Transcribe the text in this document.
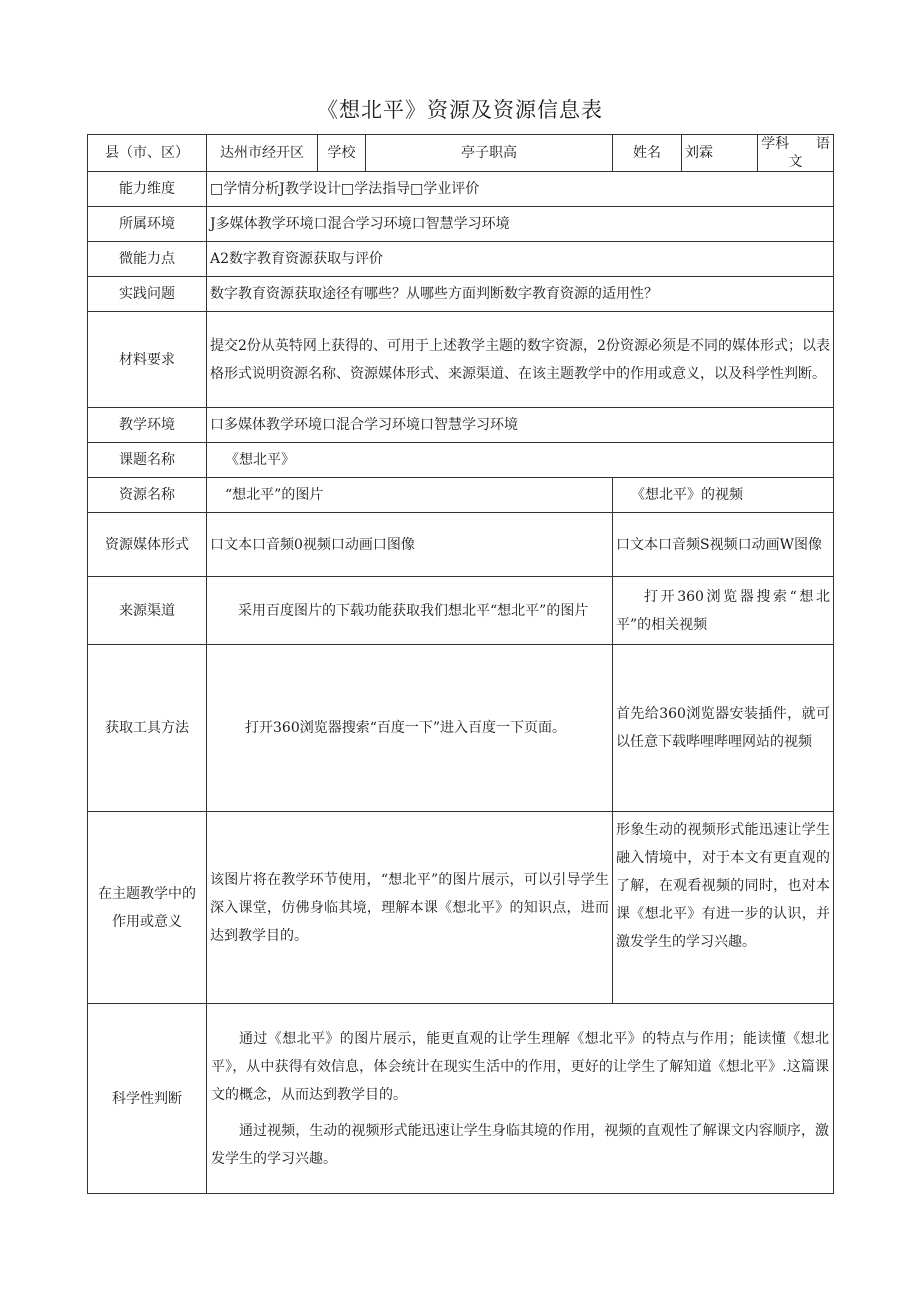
《想北平》资源及资源信息表
县（市、区）	达州市经开区	学校	亭子职高	姓名	刘霖	学科 语文
能力维度	□学情分析J教学设计□学法指导□学业评价					
所属环境	J多媒体教学环境口混合学习环境口智慧学习环境					
微能力点	A2数字教育资源获取与评价					
实践问题	数字教育资源获取途径有哪些？从哪些方面判断数字教育资源的适用性？					
材料要求	提交2份从英特网上获得的、可用于上述教学主题的数字资源，2份资源必须是不同的媒体形式；以表格形式说明资源名称、资源媒体形式、来源渠道、在该主题教学中的作用或意义，以及科学性判断。					
教学环境	口多媒体教学环境口混合学习环境口智慧学习环境					
课题名称	《想北平》					
资源名称	“想北平”的图片			《想北平》的视频		
资源媒体形式	口文本口音频0视频口动画口图像			口文本口音频S视频口动画W图像		
来源渠道	采用百度图片的下载功能获取我们想北平“想北平”的图片			打开360浏览器搜索“想北平”的相关视频		
获取工具方法	打开360浏览器搜索“百度一下”进入百度一下页面。			首先给360浏览器安装插件，就可以任意下载哔哩哔哩网站的视频		
在主题教学中的
作用或意义	该图片将在教学环节使用，“想北平”的图片展示，可以引导学生深入课堂，仿佛身临其境，理解本课《想北平》的知识点，进而达到教学目的。			形象生动的视频形式能迅速让学生融入情境中，对于本文有更直观的了解，在观看视频的同时，也对本课《想北平》有进一步的认识，并激发学生的学习兴趣。		
科学性判断	通过《想北平》的图片展示，能更直观的让学生理解《想北平》的特点与作用；能读懂《想北平》，从中获得有效信息，体会统计在现实生活中的作用，更好的让学生了解知道《想北平》.这篇课文的概念，从而达到教学目的。

通过视频，生动的视频形式能迅速让学生身临其境的作用，视频的直观性了解课文内容顺序，激发学生的学习兴趣。					
